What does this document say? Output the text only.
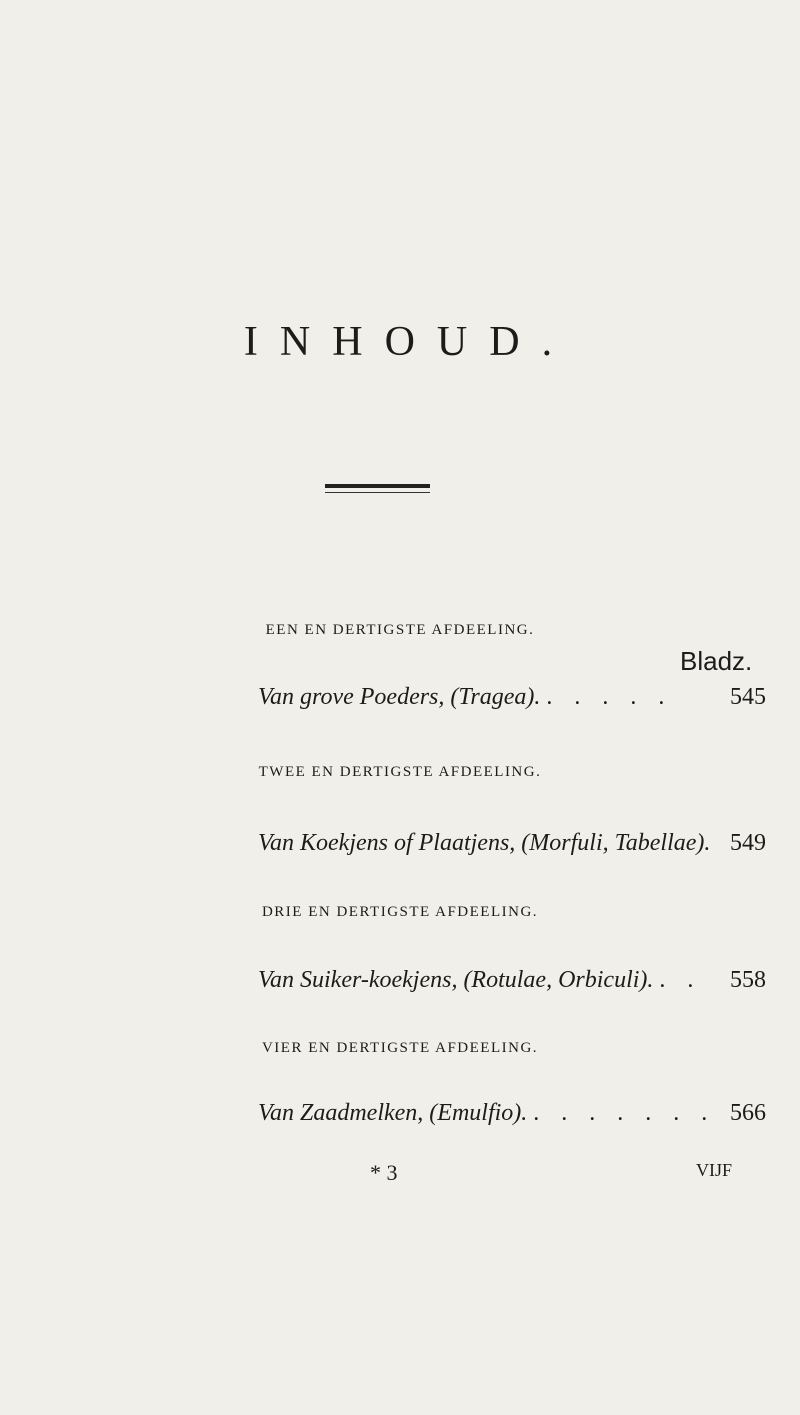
INHOUD.
EEN EN DERTIGSTE AFDEELING.
Bladz.
Van grove Poeders, (Tragea). . . . . .	545
TWEE EN DERTIGSTE AFDEELING.
Van Koekjens of Plaatjens, (Morfuli, Tabellae). 549
DRIE EN DERTIGSTE AFDEELING.
Van Suiker-koekjens, (Rotulae, Orbiculi). . .	558
VIER EN DERTIGSTE AFDEELING.
Van Zaadmelken, (Emulfio). . . . . . . . 566
* 3	VIJF
